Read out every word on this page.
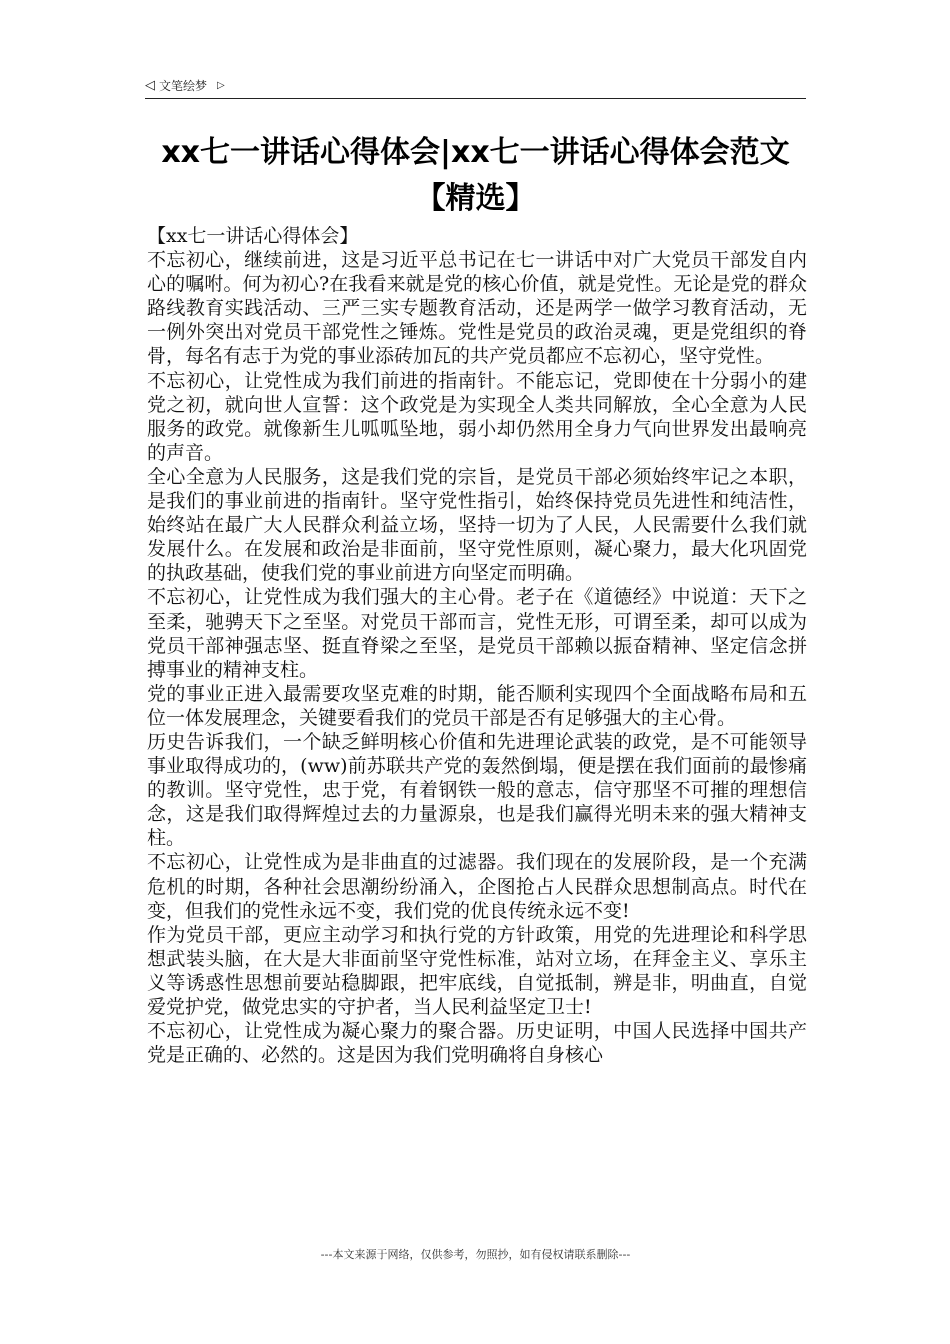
◁ 文笔绘梦 ▷
xx七一讲话心得体会|xx七一讲话心得体会范文【精选】

【xx七一讲话心得体会】

不忘初心，继续前进，这是习近平总书记在七一讲话中对广大党员干部发自内心的嘱咐。何为初心?在我看来就是党的核心价值，就是党性。无论是党的群众路线教育实践活动、三严三实专题教育活动，还是两学一做学习教育活动，无一例外突出对党员干部党性之锤炼。党性是党员的政治灵魂，更是党组织的脊骨，每名有志于为党的事业添砖加瓦的共产党员都应不忘初心，坚守党性。

不忘初心，让党性成为我们前进的指南针。不能忘记，党即使在十分弱小的建党之初，就向世人宣誓：这个政党是为实现全人类共同解放，全心全意为人民服务的政党。就像新生儿呱呱坠地，弱小却仍然用全身力气向世界发出最响亮的声音。

全心全意为人民服务，这是我们党的宗旨，是党员干部必须始终牢记之本职，是我们的事业前进的指南针。坚守党性指引，始终保持党员先进性和纯洁性，始终站在最广大人民群众利益立场，坚持一切为了人民，人民需要什么我们就发展什么。在发展和政治是非面前，坚守党性原则，凝心聚力，最大化巩固党的执政基础，使我们党的事业前进方向坚定而明确。

不忘初心，让党性成为我们强大的主心骨。老子在《道德经》中说道：天下之至柔，驰骋天下之至坚。对党员干部而言，党性无形，可谓至柔，却可以成为党员干部神强志坚、挺直脊梁之至坚，是党员干部赖以振奋精神、坚定信念拼搏事业的精神支柱。

党的事业正进入最需要攻坚克难的时期，能否顺利实现四个全面战略布局和五位一体发展理念，关键要看我们的党员干部是否有足够强大的主心骨。

历史告诉我们，一个缺乏鲜明核心价值和先进理论武装的政党，是不可能领导事业取得成功的，(ww)前苏联共产党的轰然倒塌，便是摆在我们面前的最惨痛的教训。坚守党性，忠于党，有着钢铁一般的意志，信守那坚不可摧的理想信念，这是我们取得辉煌过去的力量源泉，也是我们赢得光明未来的强大精神支柱。

不忘初心，让党性成为是非曲直的过滤器。我们现在的发展阶段，是一个充满危机的时期，各种社会思潮纷纷涌入，企图抢占人民群众思想制高点。时代在变，但我们的党性永远不变，我们党的优良传统永远不变!

作为党员干部，更应主动学习和执行党的方针政策，用党的先进理论和科学思想武装头脑，在大是大非面前坚守党性标准，站对立场，在拜金主义、享乐主义等诱惑性思想前要站稳脚跟，把牢底线，自觉抵制，辨是非，明曲直，自觉爱党护党，做党忠实的守护者，当人民利益坚定卫士!

不忘初心，让党性成为凝心聚力的聚合器。历史证明，中国人民选择中国共产党是正确的、必然的。这是因为我们党明确将自身核心

---本文来源于网络，仅供参考，勿照抄，如有侵权请联系删除---
